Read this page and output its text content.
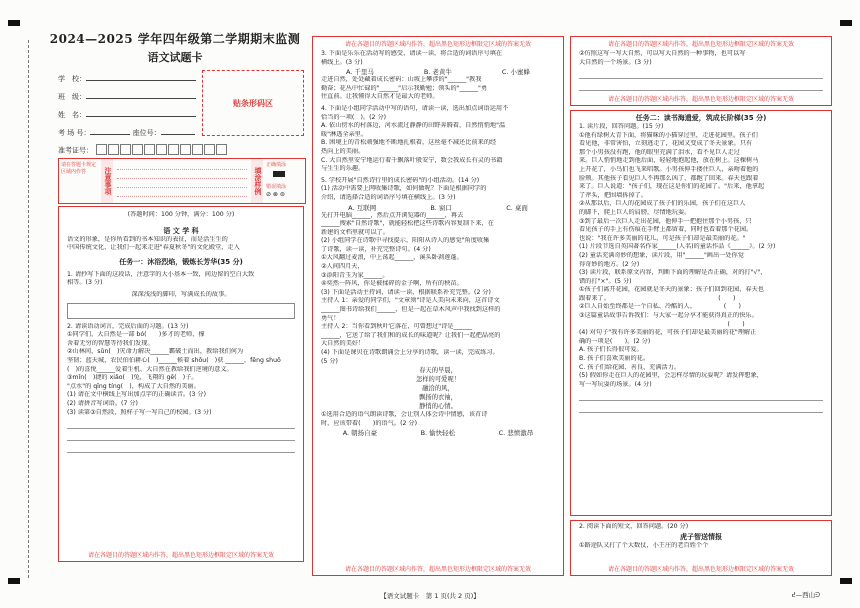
2024—2025 学年四年级第二学期期末监测
语文试题卡
学　校：
班　级：
姓　名：
考 场 号：	座位号：
准考证号：
贴条形码区
请在答题卡规定区域内作答	注意事项	填涂样例
正确填涂
错误填涂
⊘ ⊗ ⊜
(答题时间：100 分钟，满分：100 分)
语 文 学 科
语文的形象，是你所看到的书本知识的表征，而是活生生的
中国传统文化，让我们一起来走进"春夏秋冬"的文化殿堂，走入
任务一：沐浴烈焰，锻炼长芳华(35 分)
1. 请抄写下面的这段话，注意字的大小基本一致，间边留的空白大致
相等。(3 分)
深深浅浅的脚印，写满成长的故事。
2. 请读语动词言，完成后面的习题。(13 分)
①同学们，大自然是一部 bó(　　)多才的老师，撑
舍着无穷的智慧等待我们发现。
②山林间，sǔn(　)灾命力解决______霸破土而出，教给我们何为
坚韧；蓝天城，农民伯伯耕心(　)______候着 shōu(　)获 ______，fēng shuō
(　)的喜悦______爱着生机、大自然在教给我们逆境的意义。
③mǐn(　)捷的 xiǎo(　)兔，飞翔的 gē(　)子。
"点水"的 qīng tíng(　)，构成了大自然的美丽。
(1) 请在文中横线上写出加点字的正确读音。(3 分)
(2) 请拼音写词语。(7 分)
(3) 读第③自然段，照样子写一写自己的校园。(3 分)
请在各题目的答题区域内作答，超出黑色矩形边框限定区域的答案无效
请在各题目的答题区域内作答，超出黑色矩形边框限定区域的答案无效
3. 下面是乐乐在活动写的感受，请读一读，将合适的词语序号填在
横线上。(3 分)
A. 千里马	B. 老黄牛	C. 小蜜蜂
走进自然，处处藏着成长密码：山坡上攀涉的"______"教我
勤奋；花丛中忙碌的"______"启示我勤勉；领头的"______"勇
往直前。让我懂得大自然才是最大的老师。
4. 下面是小组同学活动中写的语句，请读一读，选出加点词语运用不
恰当的一项(　)。(2 分)
A. 依山傍水的村落边，河水流过静静的田野奔腾着，自然悄悄地"温
暖"淋透全亲里。
B. 困境上的青松顽强地不断地扎根着，这丝毫不减还比前来的经
热向上的美丽。
C. 大自然里安宁地运行着千飘落叶般安宁，数会我成长有灵的书籍
与生生的乐趣。
5. 学校开展"自然诗行里的成长密码"的小组活动。(14 分)
(1) 活动中需要上网收集诗歌，如何做呢？下面是根据同学的
介绍，请选择合适的词语序号填在横线上。(3 分)
A. 互联网	B. 窗口	C. 桌面
先打开电脑______，然后点开浏览器的______，再去
______搜索"自然诗歌"，就能轻松把这些诗歌内容复制下来，在
新建的文档里就可以了。
(2) 小组同学在诗歌中寻找提示，阳阳从诗人的感觉"角度收集
了诗歌，读一读，补充完整诗句。(4 分)
①大风翻过麦浪，中上荡起______，溪头卧剥莲蓬。
②人间四月天，
③添阳青玉为家______。
④奕然一阵风，你是被揉碎的金子啊，所有的秧苗。
(3) 下面是活动主持词，请读一读，根据联系补充完整。(2 分)
主持人 1：亲爱的同学们，"文章须"诗是人美向未来向，这首诗文
______图书诗给我们______，但是一起在草木风声中我找到这样的
勇气！
主持人 2：当你看到秋叶它落在，可曾想过"诗是______
______，它送了给了我们和的成长的味道呢？让我们一起把晶亮的
大自然的美好！
(4) 下面是课贝在诗歌朗诵会上分享的诗歌，读一读，完成练习。
(5 分)
春天的早晨，
怎样的可爱呢！
融洽的风，
飘扬的衣袖，
静悄的心情。
①选用合适的语气朗读诗歌，会让别人体会诗中情感，该首诗
时，应该带着(　　)的语气。(2 分)
A. 朝扬自豪	B. 愉快轻松	C. 悲愤激昂
请在各题目的答题区域内作答，超出黑色矩形边框限定区域的答案无效
请在各题目的答题区域内作答，超出黑色矩形边框限定区域的答案无效
②仿照这写一写大自然，可以写大自然的一种事物，也可以写
大自然的一个场景。(3 分)
请在各题目的答题区域内作答，超出黑色矩形边框限定区域的答案无效
任务二：读书海遗爱，筑成长阶梯(35 分)
1. 读片段，回答问题。(15 分)
①他有绿树大青下面，将猫咪的小猫穿过里，走进花园里。孩子们
看见他，非常害怕，立刻逃走了，花园又变成了冬天景象。只有
那个小男孩没有跑，他的眼里充满了泪水，看不见巨人走过
来。巨人悄悄地走到他后面，轻轻地抱起他，放在树上。这棵树马
上开花了，小鸟们也飞来唱歌。小男孩伸手搂住巨人，亲吻着他的
脸颊。其他孩子看见巨人不再那么凶了，都跑了回来。春天也跟着
来了。巨人说道："孩子们，现在这是你们的花园了。"后来，他拿起
了斧头，把围墙拆掉了。
②从那以后，巨人的花园成了孩子们的乐园，孩子们在这巨人
的脚下，爬上巨人的肩膀，尽情地玩耍。
③到了最后一次巨人走出花园，他伸手一把抱住那个小男孩，只
看见孩子的手上有伤痕在手臂上都留着，同时也看着那个花园。
也说："我在许多美丽的花儿，可是孩子们却是最美丽的花。"
(1) 片段节选自英国著名作家______(人名)的童话作品《______》。(2 分)
(2) 童话充满奇妙的想象，读片段，用"______"画出一处你觉
得奇妙的地方。(2 分)
(3) 读片段，联系原文内容，判断下面的理解是否正确，对的打"√"，
错的打"×"。(5 分)
①孩子们离开花园，花园就是冬天的景象；孩子们回到花园，春天也
跟着来了。　　　　　　　　　　　　　　　　　　(　　)
②巨人自始至终都是一个自私、冷酷的人。　　　　　(　　)
③这篇童话故事告诉我们：与大家一起分享才能获得真正的快乐。
　　　　　　　　　　　　　　　　　　　　　　　　(　　)
(4) 对句子"我有许多美丽的花，可孩子们却是最美丽的花"理解正
确的一项是(　　)。(2 分)
A. 孩子们长得很可爱。
B. 孩子们喜欢美丽的花。
C. 孩子们给花园、善良、充满活力。
(5) 假如你走在巨人的花园里，会怎样尽情的玩耍呢？请发挥想象，
写一写玩耍的场景。(4 分)
2. 阅读下面的短文，回答问题。(20 分)
虎子智送情报
①路途队又打了个大数仗，小王庄的老百姓个个
请在各题目的答题区域内作答，超出黑色矩形边框限定区域的答案无效
【语文试题卡　第 1 页(共 2 页)】	ᕍ—西山ᕭ
